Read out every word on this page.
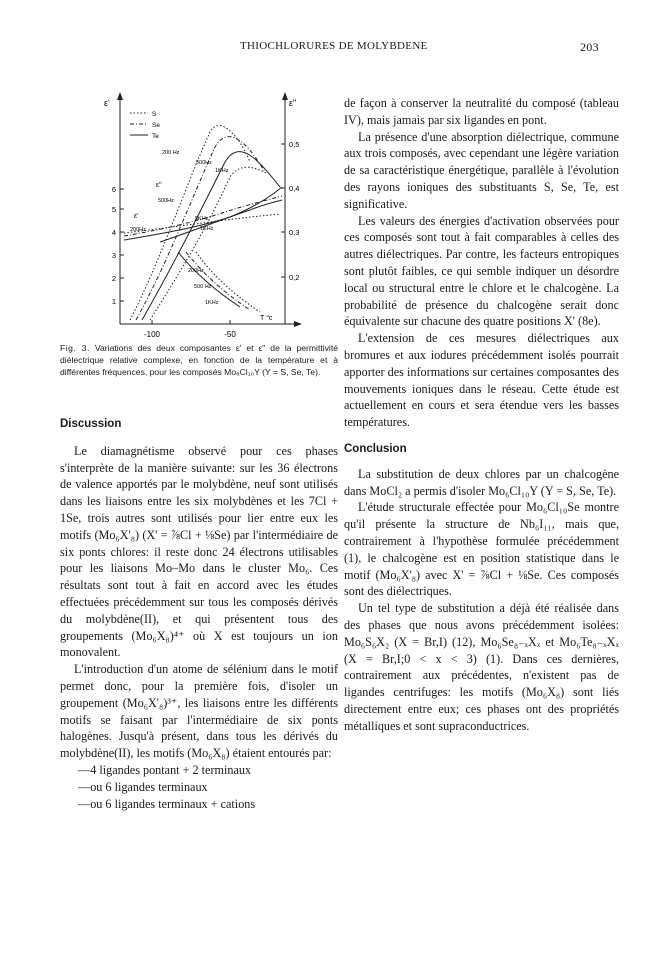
THIOCHLORURES DE MOLYBDENE	203
ε'	ε"
S
Se
Te
6
5
4
3
2
1
0,5
0,4
0,3
0,2
-100	-50
T °c
200 Hz
500Hz
1KHz
ε"
500Hz
ε'
200Hz
5KHz
1KHz
200Hz
500 Hz
1KHz
Fig. 3. Variations des deux composantes ε' et ε" de la permittivité diélectrique relative complexe, en fonction de la température et à différentes fréquences, pour les composés Mo₆Cl₁₀Y (Y = S, Se, Te).
Discussion

Le diamagnétisme observé pour ces phases s'interprète de la manière suivante: sur les 36 électrons de valence apportés par le molybdène, neuf sont utilisés dans les liaisons entre les six molybdènes et les 7Cl + 1Se, trois autres sont utilisés pour lier entre eux les motifs (Mo₆X'₈) (X' = ⅞Cl + ⅛Se) par l'intermédiaire de six ponts chlores: il reste donc 24 électrons utilisables pour les liaisons Mo–Mo dans le cluster Mo₆. Ces résultats sont tout à fait en accord avec les études effectuées précédemment sur tous les composés dérivés du molybdène(II), et qui présentent tous des groupements (Mo₆X₈)⁴⁺ où X est toujours un ion monovalent.

L'introduction d'un atome de sélénium dans le motif permet donc, pour la première fois, d'isoler un groupement (Mo₆X'₈)³⁺, les liaisons entre les différents motifs se faisant par l'intermédiaire de six ponts halogènes. Jusqu'à présent, dans tous les dérivés du molybdène(II), les motifs (Mo₆X₈) étaient entourés par:

—4 ligandes pontant + 2 terminaux
—ou 6 ligandes terminaux
—ou 6 ligandes terminaux + cations

de façon à conserver la neutralité du composé (tableau IV), mais jamais par six ligandes en pont.

La présence d'une absorption diélectrique, commune aux trois composés, avec cependant une légère variation de sa caractéristique énergétique, parallèle à l'évolution des rayons ioniques des substituants S, Se, Te, est significative.

Les valeurs des énergies d'activation observées pour ces composés sont tout à fait comparables à celles des autres diélectriques. Par contre, les facteurs entropiques sont plutôt faibles, ce qui semble indiquer un désordre local ou structural entre le chlore et le chalcogène. La probabilité de présence du chalcogène serait donc équivalente sur chacune des quatre positions X' (8e).

L'extension de ces mesures diélectriques aux bromures et aux iodures précédemment isolés pourrait apporter des informations sur certaines composantes des mouvements ioniques dans le réseau. Cette étude est actuellement en cours et sera étendue vers les basses températures.

Conclusion

La substitution de deux chlores par un chalcogène dans MoCl₂ a permis d'isoler Mo₆Cl₁₀Y (Y = S, Se, Te).

L'étude structurale effectée pour Mo₆Cl₁₀Se montre qu'il présente la structure de Nb₆I₁₁, mais que, contrairement à l'hypothèse formulée précédemment (1), le chalcogène est en position statistique dans le motif (Mo₆X'₈) avec X' = ⅞Cl + ⅛Se. Ces composés sont des diélectriques.

Un tel type de substitution a déjà été réalisée dans des phases que nous avons précédemment isolées: Mo₆S₆X₂ (X = Br,I) (12), Mo₆Se₈₋ₓXₓ et Mo₆Te₈₋ₓXₓ (X = Br,I;0 < x < 3) (1). Dans ces dernières, contrairement aux précédentes, n'existent pas de ligandes centrifuges: les motifs (Mo₆X₈) sont liés directement entre eux; ces phases ont des propriétés métalliques et sont supraconductrices.
